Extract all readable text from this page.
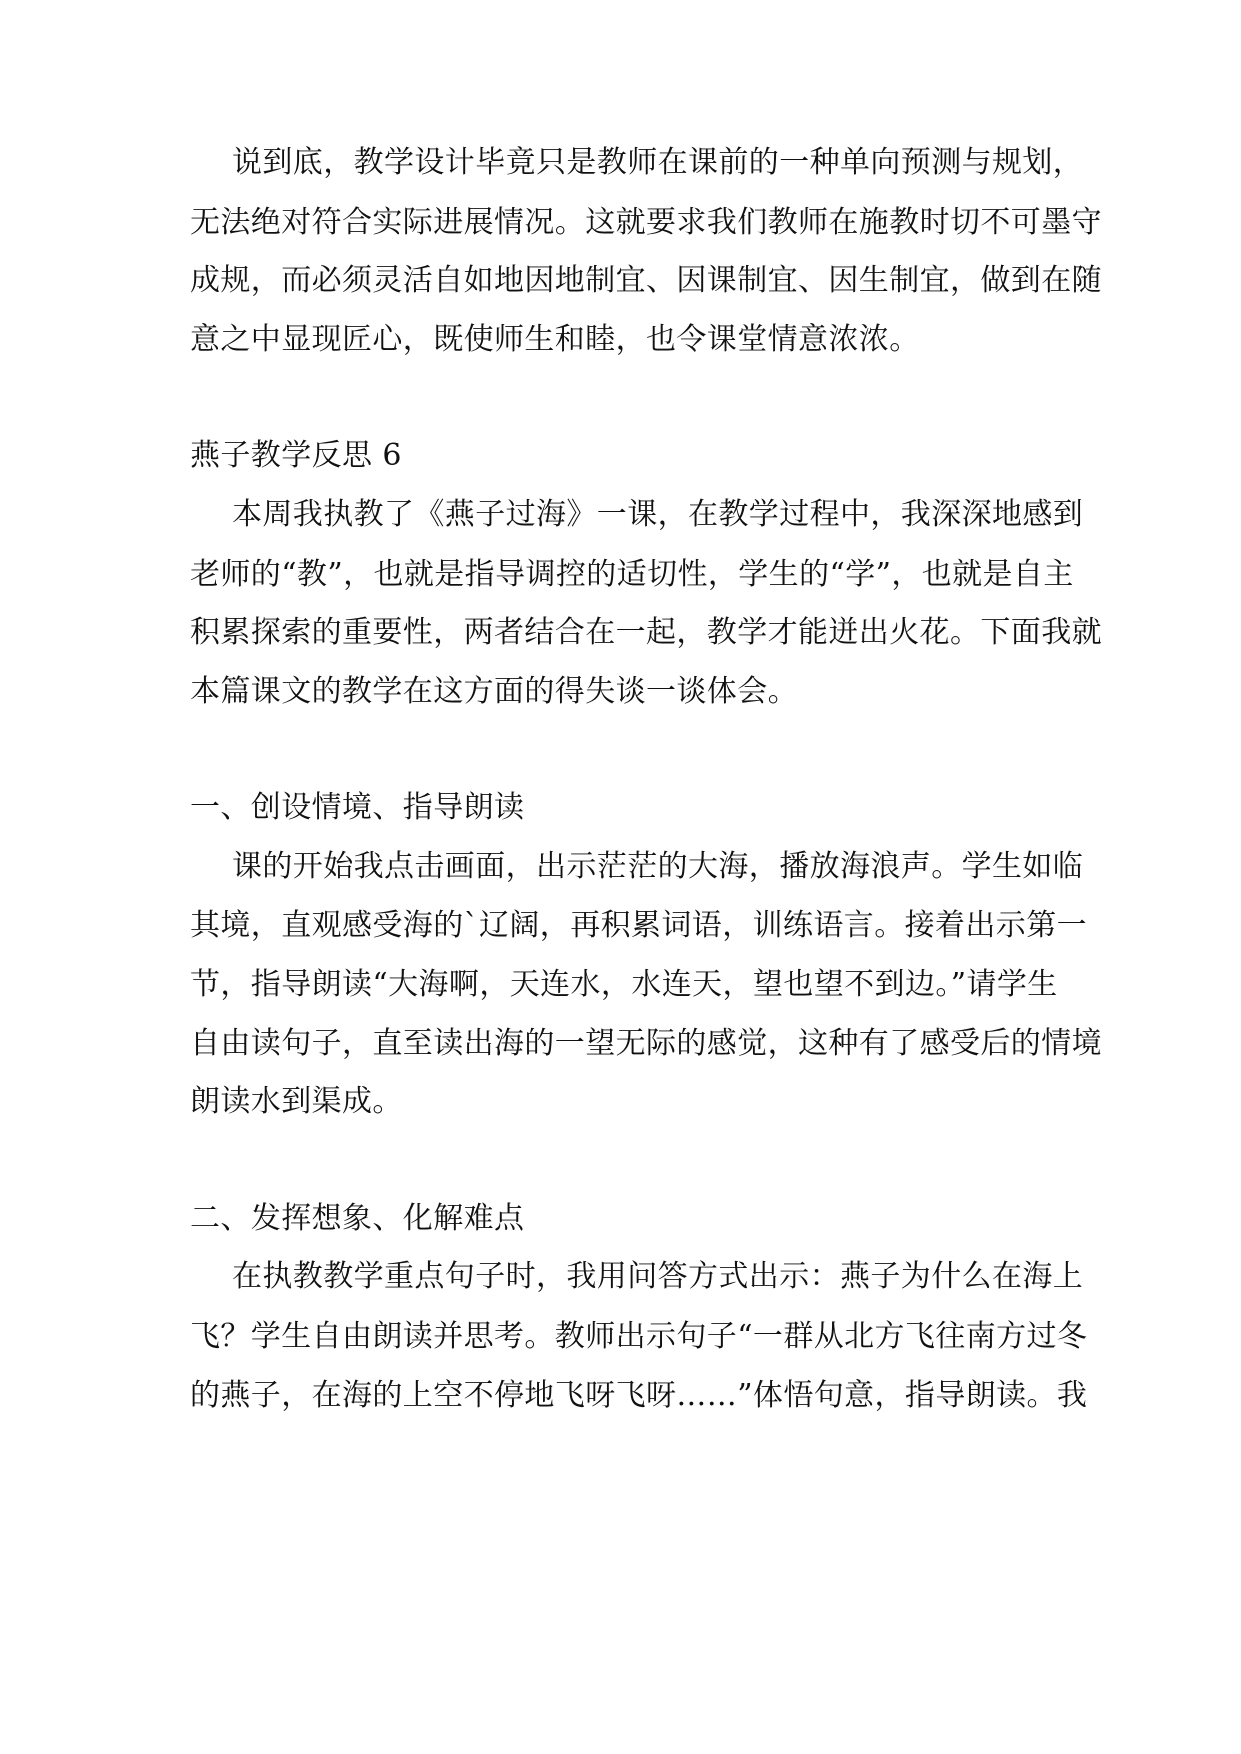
说到底，教学设计毕竟只是教师在课前的一种单向预测与规划，
无法绝对符合实际进展情况。这就要求我们教师在施教时切不可墨守
成规，而必须灵活自如地因地制宜、因课制宜、因生制宜，做到在随
意之中显现匠心，既使师生和睦，也令课堂情意浓浓。
燕子教学反思 6
本周我执教了《燕子过海》一课，在教学过程中，我深深地感到
老师的“教”，也就是指导调控的适切性，学生的“学”，也就是自主
积累探索的重要性，两者结合在一起，教学才能迸出火花。下面我就
本篇课文的教学在这方面的得失谈一谈体会。
一、创设情境、指导朗读
课的开始我点击画面，出示茫茫的大海，播放海浪声。学生如临
其境，直观感受海的`辽阔，再积累词语，训练语言。接着出示第一
节，指导朗读“大海啊，天连水，水连天，望也望不到边。”请学生
自由读句子，直至读出海的一望无际的感觉，这种有了感受后的情境
朗读水到渠成。
二、发挥想象、化解难点
在执教教学重点句子时，我用问答方式出示：燕子为什么在海上
飞？学生自由朗读并思考。教师出示句子“一群从北方飞往南方过冬
的燕子，在海的上空不停地飞呀飞呀……”体悟句意，指导朗读。我
